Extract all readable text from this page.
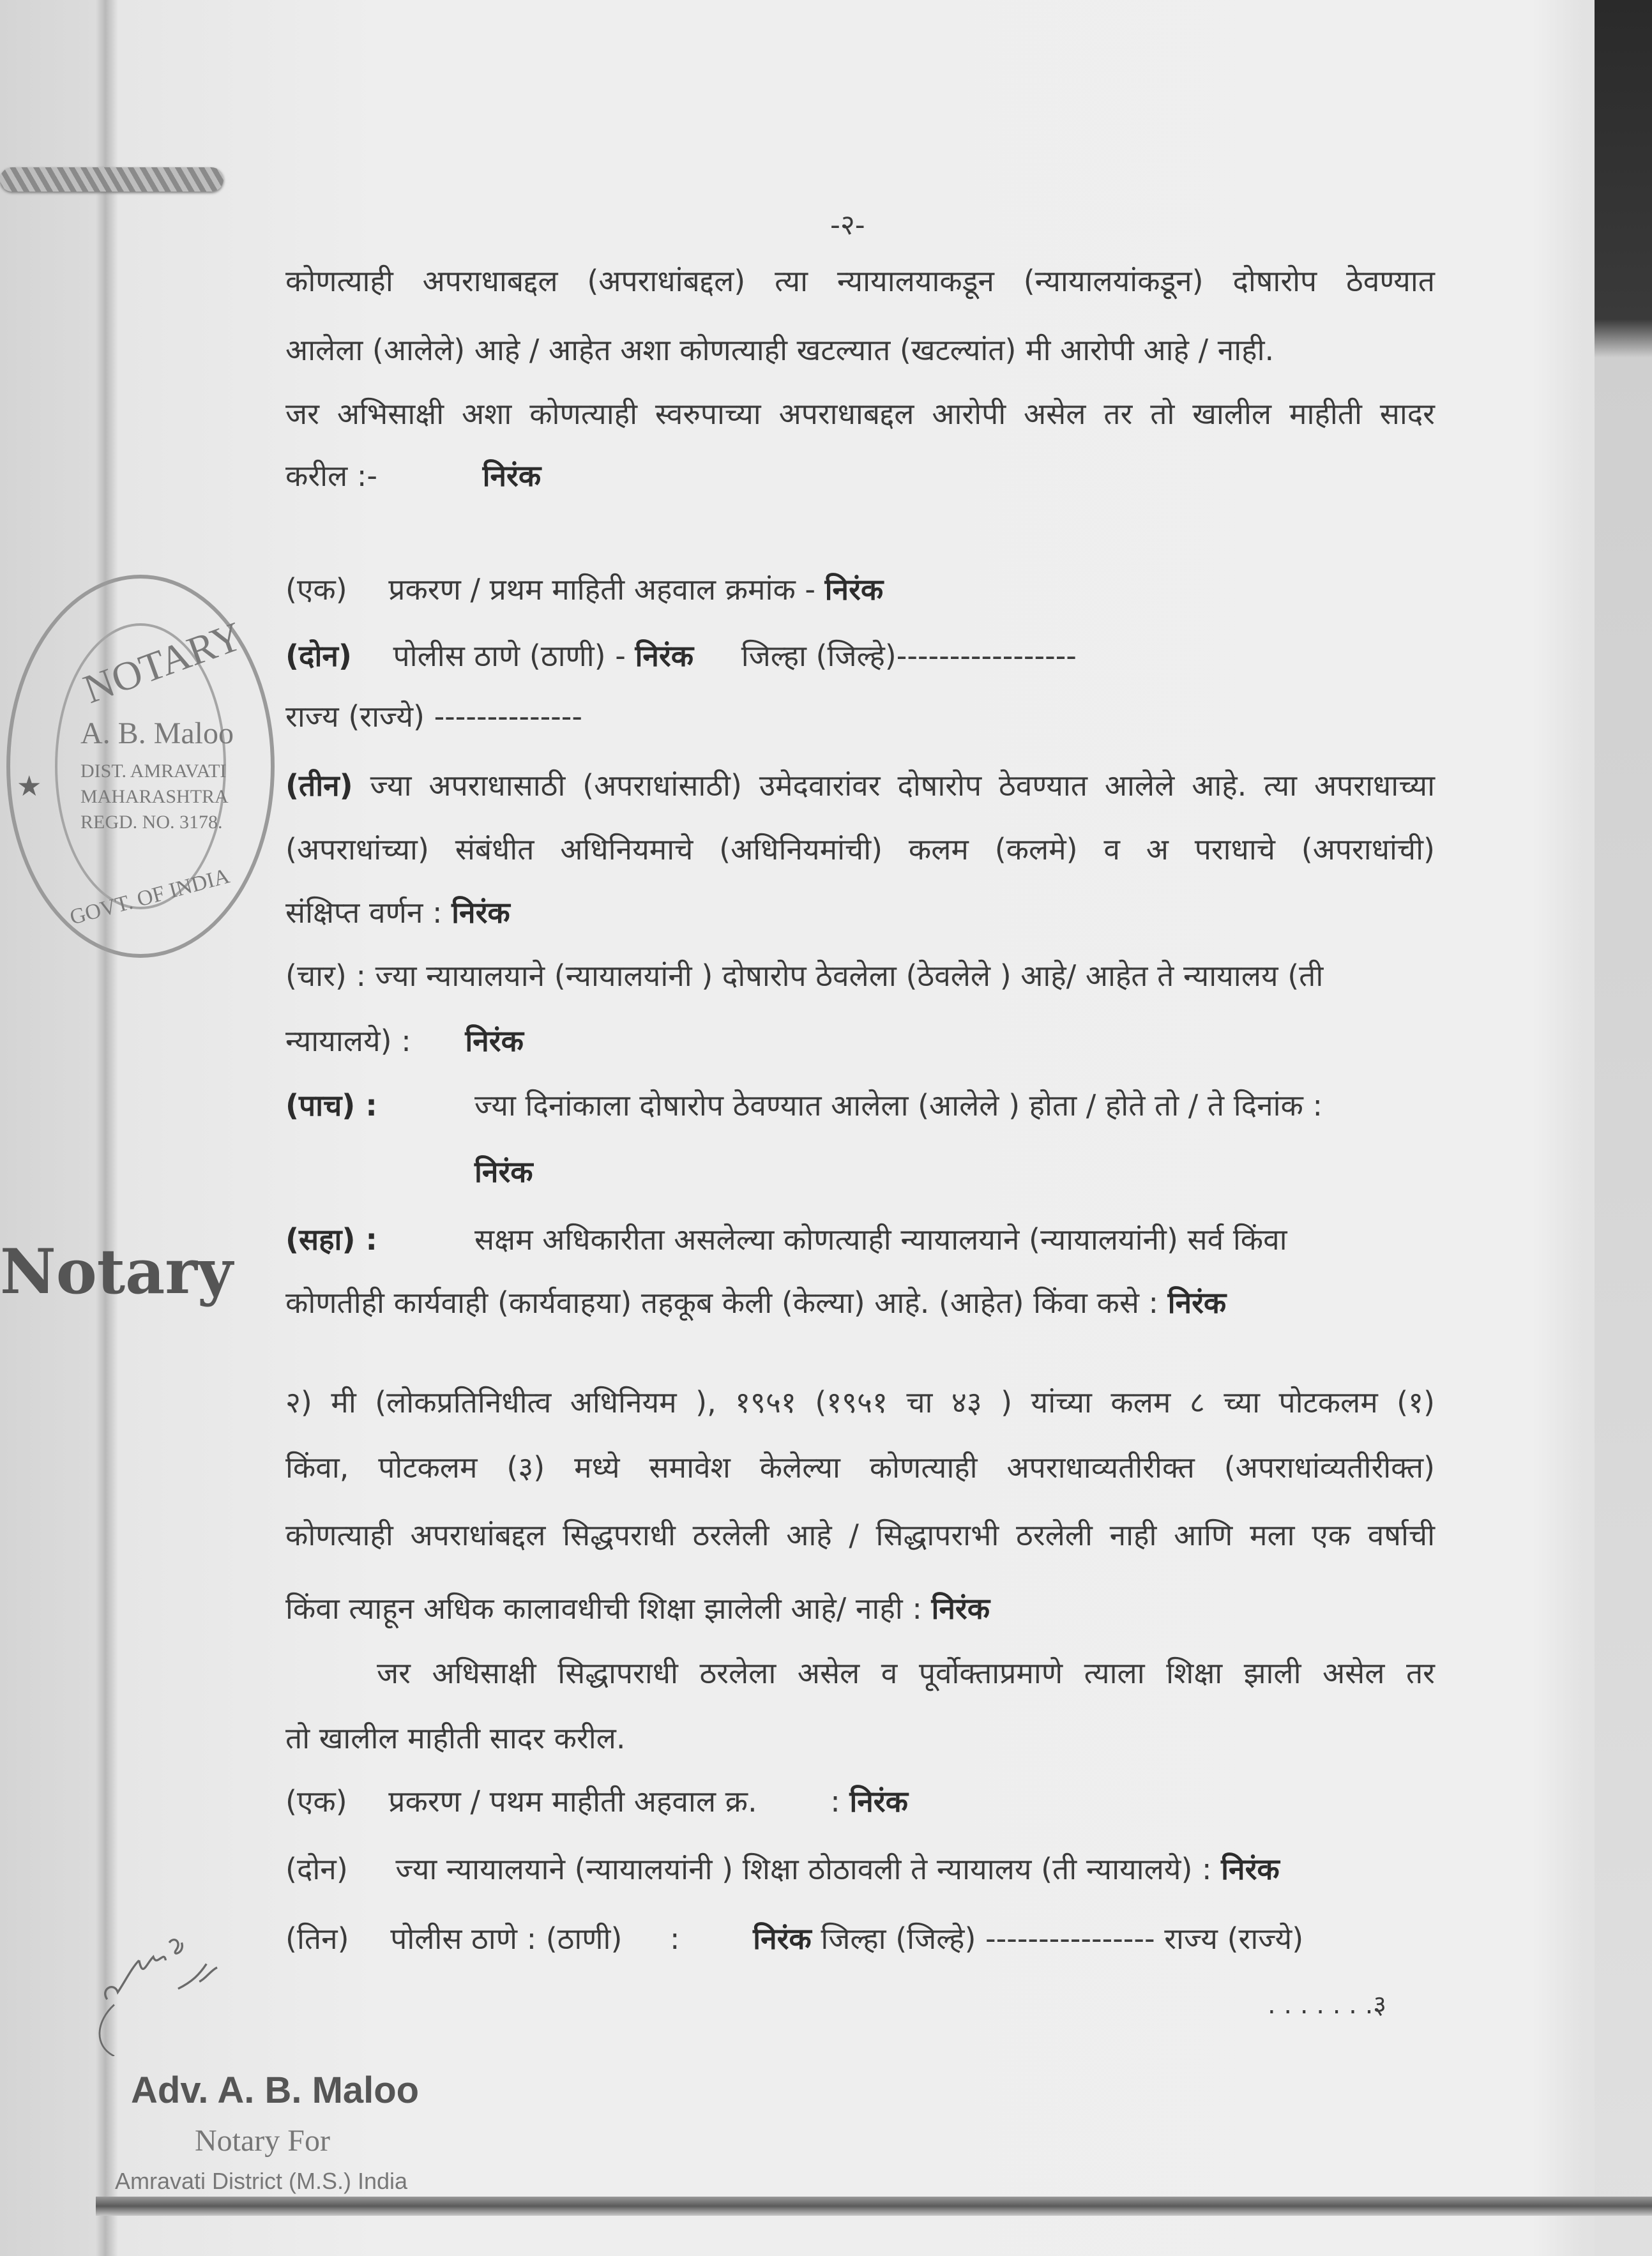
-२-
कोणत्याही अपराधाबद्दल (अपराधांबद्दल) त्या न्यायालयाकडून (न्यायालयांकडून) दोषारोप ठेवण्यात
आलेला (आलेले) आहे / आहेत अशा कोणत्याही खटल्यात (खटल्यांत) मी आरोपी आहे / नाही.
जर अभिसाक्षी अशा कोणत्याही स्वरुपाच्या अपराधाबद्दल आरोपी असेल तर तो खालील माहीती सादर
करील :-	निरंक
(एक) प्रकरण / प्रथम माहिती अहवाल क्रमांक - निरंक
(दोन) पोलीस ठाणे (ठाणी) - निरंक जिल्हा (जिल्हे)-----------------
राज्य (राज्ये) --------------
(तीन) ज्या अपराधासाठी (अपराधांसाठी) उमेदवारांवर दोषारोप ठेवण्यात आलेले आहे. त्या अपराधाच्या
(अपराधांच्या) संबंधीत अधिनियमाचे (अधिनियमांची) कलम (कलमे) व अ पराधाचे (अपराधांची)
संक्षिप्त वर्णन : निरंक
(चार) : ज्या न्यायालयाने (न्यायालयांनी ) दोषारोप ठेवलेला (ठेवलेले ) आहे/ आहेत ते न्यायालय (ती
न्यायालये) : निरंक
(पाच) :	ज्या दिनांकाला दोषारोप ठेवण्यात आलेला (आलेले ) होता / होते तो / ते दिनांक :
निरंक
(सहा) :	सक्षम अधिकारीता असलेल्या कोणत्याही न्यायालयाने (न्यायालयांनी) सर्व किंवा
कोणतीही कार्यवाही (कार्यवाहया) तहकूब केली (केल्या) आहे. (आहेत) किंवा कसे : निरंक
२) मी (लोकप्रतिनिधीत्व अधिनियम ), १९५१ (१९५१ चा ४३ ) यांच्या कलम ८ च्या पोटकलम (१)
किंवा, पोटकलम (३) मध्ये समावेश केलेल्या कोणत्याही अपराधाव्यतीरीक्त (अपराधांव्यतीरीक्त)
कोणत्याही अपराधांबद्दल सिद्धपराधी ठरलेली आहे / सिद्धापराभी ठरलेली नाही आणि मला एक वर्षाची
किंवा त्याहून अधिक कालावधीची शिक्षा झालेली आहे/ नाही : निरंक
जर अधिसाक्षी सिद्धापराधी ठरलेला असेल व पूर्वोक्ताप्रमाणे त्याला शिक्षा झाली असेल तर
तो खालील माहीती सादर करील.
(एक) प्रकरण / पथम माहीती अहवाल क्र. : निरंक
(दोन) ज्या न्यायालयाने (न्यायालयांनी ) शिक्षा ठोठावली ते न्यायालय (ती न्यायालये) : निरंक
(तिन) पोलीस ठाणे : (ठाणी) : निरंक जिल्हा (जिल्हे) ---------------- राज्य (राज्ये)
. . . . . . .३
NOTARY
A. B. Maloo
DIST. AMRAVATI
MAHARASHTRA
REGD. NO. 3178.
GOVT. OF INDIA
★
Notary
Adv. A. B. Maloo
Notary For
Amravati District (M.S.) India
